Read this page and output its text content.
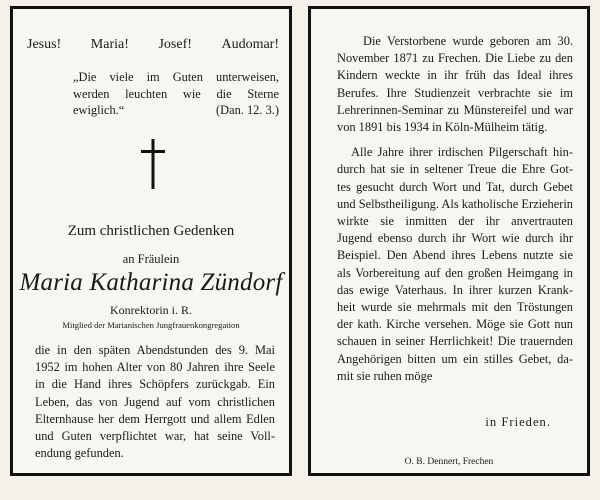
Jesus! Maria! Josef! Audomar!
„Die viele im Guten unterweisen,
werden leuchten wie die Sterne
ewiglich.“	(Dan. 12. 3.)
Zum christlichen Gedenken
an Fräulein
Maria Katharina Zündorf
Konrektorin i. R.
Mitglied der Marianischen Jungfrauenkongregation
die in den späten Abendstunden des 9. Mai
1952 im hohen Alter von 80 Jahren ihre Seele
in die Hand ihres Schöpfers zurückgab. Ein
Leben, das von Jugend auf vom christlichen
Elternhause her dem Herrgott und allem Edlen
und Guten verpflichtet war, hat seine Voll-
endung gefunden.
Die Verstorbene wurde geboren am 30.
November 1871 zu Frechen. Die Liebe zu den
Kindern weckte in ihr früh das Ideal ihres
Berufes. Ihre Studienzeit verbrachte sie im
Lehrerinnen-Seminar zu Münstereifel und war
von 1891 bis 1934 in Köln-Mülheim tätig.
Alle Jahre ihrer irdischen Pilgerschaft hin-
durch hat sie in seltener Treue die Ehre Got-
tes gesucht durch Wort und Tat, durch Gebet
und Selbstheiligung. Als katholische Erzieherin
wirkte sie inmitten der ihr anvertrauten
Jugend ebenso durch ihr Wort wie durch ihr
Beispiel. Den Abend ihres Lebens nutzte sie
als Vorbereitung auf den großen Heimgang in
das ewige Vaterhaus. In ihrer kurzen Krank-
heit wurde sie mehrmals mit den Tröstungen
der kath. Kirche versehen. Möge sie Gott nun
schauen in seiner Herrlichkeit! Die trauernden
Angehörigen bitten um ein stilles Gebet, da-
mit sie ruhen möge
in Frieden.
O. B. Dennert, Frechen
